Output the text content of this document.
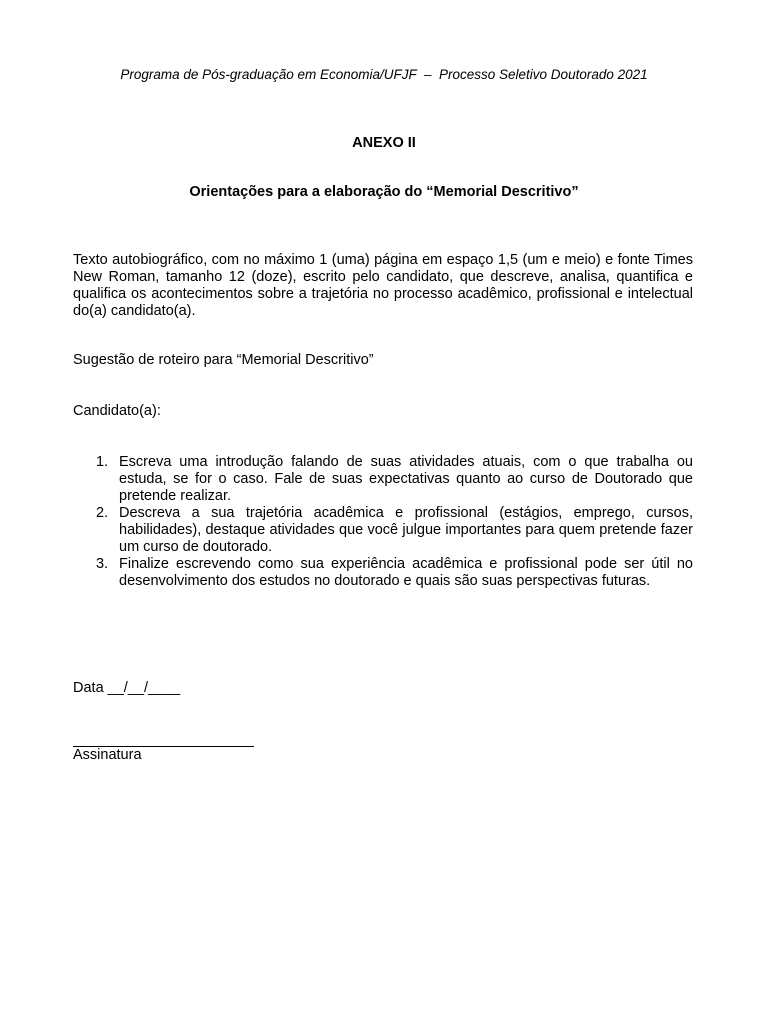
Programa de Pós-graduação em Economia/UFJF  –  Processo Seletivo Doutorado 2021
ANEXO II
Orientações para a elaboração do “Memorial Descritivo”
Texto autobiográfico, com no máximo 1 (uma) página em espaço 1,5 (um e meio) e fonte Times New Roman, tamanho 12 (doze), escrito pelo candidato, que descreve, analisa, quantifica e qualifica os acontecimentos sobre a trajetória no processo acadêmico, profissional e intelectual do(a) candidato(a).
Sugestão de roteiro para “Memorial Descritivo”
Candidato(a):
1. Escreva uma introdução falando de suas atividades atuais, com o que trabalha ou estuda, se for o caso. Fale de suas expectativas quanto ao curso de Doutorado que pretende realizar.
2. Descreva a sua trajetória acadêmica e profissional (estágios, emprego, cursos, habilidades), destaque atividades que você julgue importantes para quem pretende fazer um curso de doutorado.
3. Finalize escrevendo como sua experiência acadêmica e profissional pode ser útil no desenvolvimento dos estudos no doutorado e quais são suas perspectivas futuras.
Data __/__/____
Assinatura
